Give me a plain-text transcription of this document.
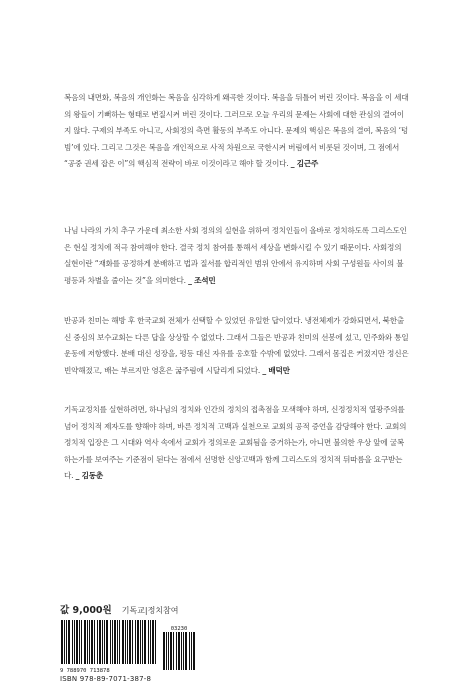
복음의 내면화, 복음의 개인화는 복음을 심각하게 왜곡한 것이다. 복음을 뒤틀어 버린 것이다. 복음을 이 세대의 왕들이 기뻐하는 형태로 변질시켜 버린 것이다. 그러므로 오늘 우리의 문제는 사회에 대한 관심의 결여이지 않다. 구제의 부족도 아니고, 사회정의 측면 활동의 부족도 아니다. 문제의 핵심은 복음의 결여, 복음의 ‘텅 빔’에 있다. 그리고 그것은 복음을 개인적으로 사적 차원으로 국한시켜 버림에서 비롯된 것이며, 그 점에서 “공중 권세 잡은 이”의 핵심적 전략이 바로 이것이라고 해야 할 것이다. _ 김근주

나님 나라의 가치 추구 가운데 최소한 사회 정의의 실현을 위하여 정치인들이 올바로 정치하도록 그리스도인은 현실 정치에 적극 참여해야 한다. 결국 정치 참여를 통해서 세상을 변화시킬 수 있기 때문이다. 사회정의 실현이란 “재화를 공정하게 분배하고 법과 질서를 합리적인 범위 안에서 유지하며 사회 구성원들 사이의 불평등과 차별을 줄이는 것”을 의미한다. _ 조석민

반공과 친미는 해방 후 한국교회 전체가 선택할 수 있었던 유일한 답이었다. 냉전체제가 강화되면서, 북한출신 중심의 보수교회는 다른 답을 상상할 수 없었다. 그래서 그들은 반공과 친미의 선봉에 섰고, 민주화와 통일운동에 저항했다. 분배 대신 성장을, 평등 대신 자유를 옹호할 수밖에 없었다. 그래서 몸집은 커졌지만 정신은 빈약해졌고, 배는 부르지만 영혼은 굶주림에 시달리게 되었다. _ 배덕만

기독교정치를 실현하려면, 하나님의 정치와 인간의 정치의 접촉점을 모색해야 하며, 신정정치적 열광주의를 넘어 정치적 제자도를 향해야 하며, 바른 정치적 고백과 실천으로 교회의 공적 증언을 감당해야 한다. 교회의 정치적 입장은 그 시대와 역사 속에서 교회가 정의로운 교회됨을 증거하는가, 아니면 불의한 우상 앞에 굴복하는가를 보여주는 기준점이 된다는 점에서 선명한 신앙고백과 함께 그리스도의 정치적 뒤따름을 요구받는다. _ 김동춘

값 9,000원 기독교|정치참여
9 788970 713878
03230
ISBN 978-89-7071-387-8
